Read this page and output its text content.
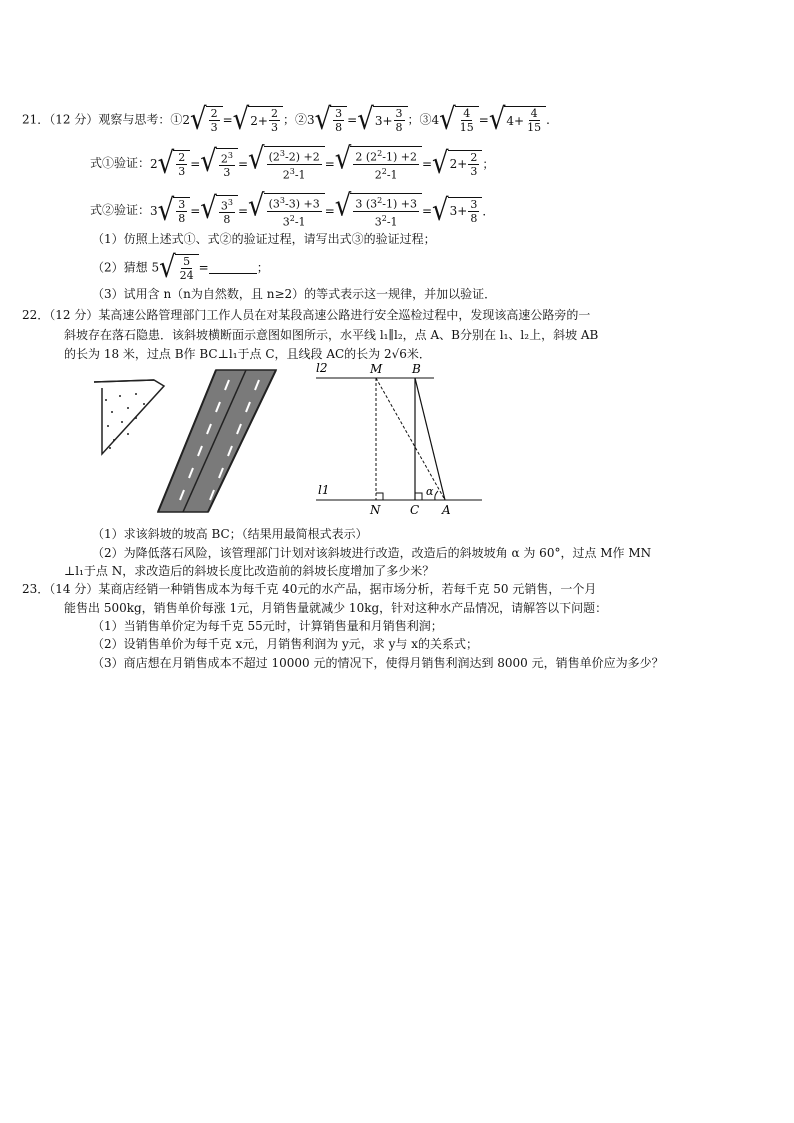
21．（12 分）观察与思考：①2 √ $\frac{2}{3}$ = √ $2+ \frac{2}{3}$ ；②3 √ $\frac{3}{8}$ = √ $3+ \frac{3}{8}$ ；③4 √ $\frac{4}{15}$ = √ $4+ \frac{4}{15}$ ．
式①验证：2 √ $\frac{2}{3}$ = √ $\frac{2^3}{3}$ = √ $\frac{(2^3-2) +2}{2^3-1}$ = √ $\frac{2 (2^2-1) +2}{2^2-1}$ = √ $2+ \frac{2}{3}$ ；
式②验证：3 √ $\frac{3}{8}$ = √ $\frac{3^3}{8}$ = √ $\frac{(3^3-3) +3}{3^2-1}$ = √ $\frac{3 (3^2-1) +3}{3^2-1}$ = √ $3+ \frac{3}{8}$ ．
（1）仿照上述式①、式②的验证过程，请写出式③的验证过程；
（2）猜想 5 √ $\frac{5}{24}$ =	；
（3）试用含 n（n为自然数，且 n≥2）的等式表示这一规律，并加以验证．
22．（12 分）某高速公路管理部门工作人员在对某段高速公路进行安全巡检过程中，发现该高速公路旁的一
斜坡存在落石隐患．该斜坡横断面示意图如图所示，水平线 l₁∥l₂，点 A、B分别在 l₁、l₂上，斜坡 AB
的长为 18 米，过点 B作 BC⊥l₁于点 C，且线段 AC的长为 2√6米．
l2
l1
M B
N C A
α
（1）求该斜坡的坡高 BC；（结果用最简根式表示）
（2）为降低落石风险，该管理部门计划对该斜坡进行改造，改造后的斜坡坡角 α 为 60°，过点 M作 MN
⊥l₁于点 N，求改造后的斜坡长度比改造前的斜坡长度增加了多少米？
23．（14 分）某商店经销一种销售成本为每千克 40元的水产品，据市场分析，若每千克 50 元销售，一个月
能售出 500kg，销售单价每涨 1元，月销售量就减少 10kg，针对这种水产品情况，请解答以下问题：
（1）当销售单价定为每千克 55元时，计算销售量和月销售利润；
（2）设销售单价为每千克 x元，月销售利润为 y元，求 y与 x的关系式；
（3）商店想在月销售成本不超过 10000 元的情况下，使得月销售利润达到 8000 元，销售单价应为多少？
